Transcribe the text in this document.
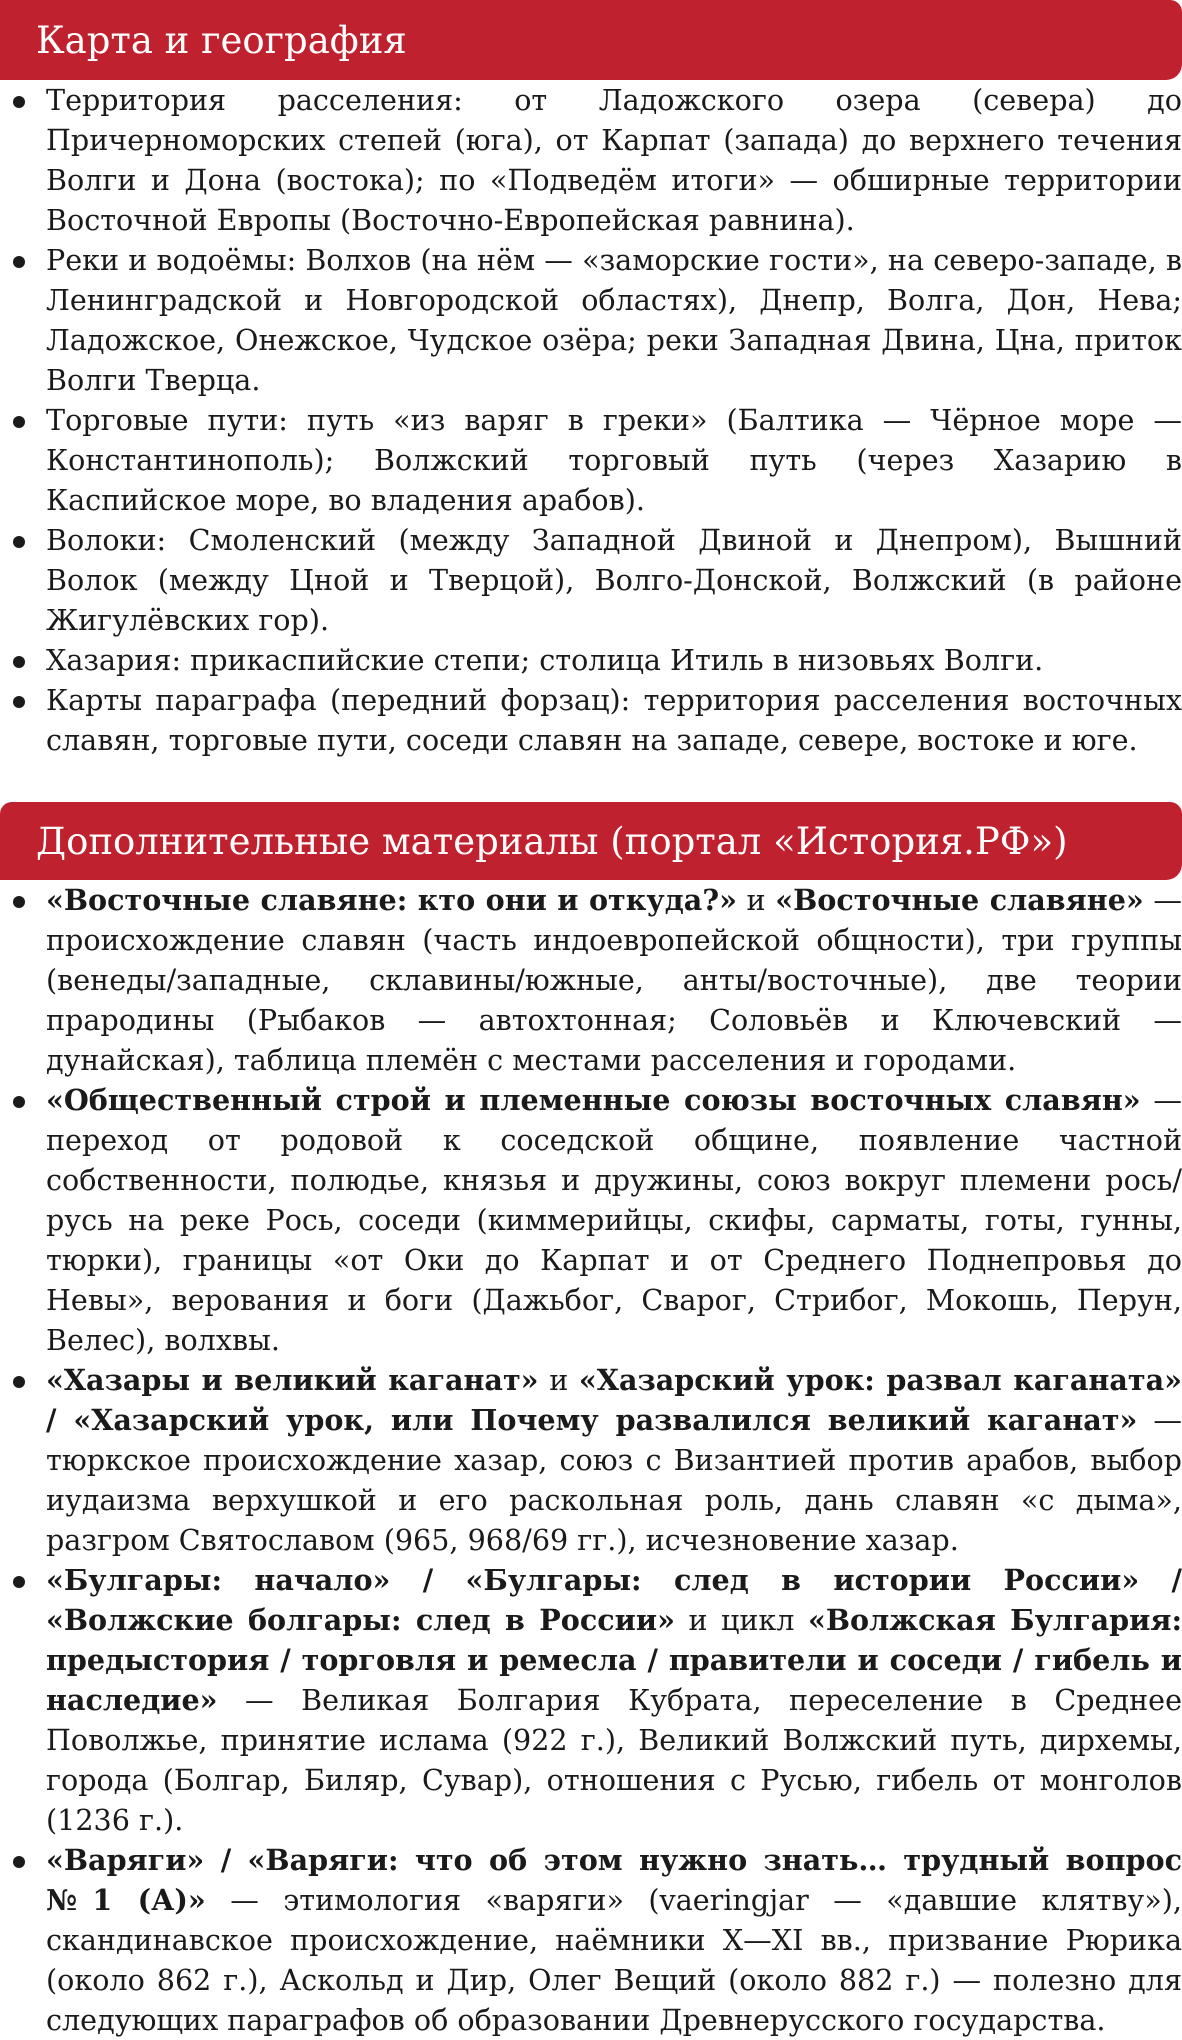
Карта и география
Территория расселения: от Ладожского озера (севера) до Причерноморских степей (юга), от Карпат (запада) до верхнего течения Волги и Дона (востока); по «Подведём итоги» — обширные территории Восточной Европы (Восточно-Европейская равнина).
Реки и водоёмы: Волхов (на нём — «заморские гости», на северо-западе, в Ленинградской и Новгородской областях), Днепр, Волга, Дон, Нева; Ладожское, Онежское, Чудское озёра; реки Западная Двина, Цна, приток Волги Тверца.
Торговые пути: путь «из варяг в греки» (Балтика — Чёрное море — Константинополь); Волжский торговый путь (через Хазарию в Каспийское море, во владения арабов).
Волоки: Смоленский (между Западной Двиной и Днепром), Вышний Волок (между Цной и Тверцой), Волго-Донской, Волжский (в районе Жигулёвских гор).
Хазария: прикаспийские степи; столица Итиль в низовьях Волги.
Карты параграфа (передний форзац): территория расселения восточных славян, торговые пути, соседи славян на западе, севере, востоке и юге.
Дополнительные материалы (портал «История.РФ»)
«Восточные славяне: кто они и откуда?» и «Восточные славяне» — происхождение славян (часть индоевропейской общности), три группы (венеды/западные, склавины/южные, анты/восточные), две теории прародины (Рыбаков — автохтонная; Соловьёв и Ключевский — дунайская), таблица племён с местами расселения и городами.
«Общественный строй и племенные союзы восточных славян» — переход от родовой к соседской общине, появление частной собственности, полюдье, князья и дружины, союз вокруг племени рось/русь на реке Рось, соседи (киммерийцы, скифы, сарматы, готы, гунны, тюрки), границы «от Оки до Карпат и от Среднего Поднепровья до Невы», верования и боги (Дажьбог, Сварог, Стрибог, Мокошь, Перун, Велес), волхвы.
«Хазары и великий каганат» и «Хазарский урок: развал каганата» / «Хазарский урок, или Почему развалился великий каганат» — тюркское происхождение хазар, союз с Византией против арабов, выбор иудаизма верхушкой и его раскольная роль, дань славян «с дыма», разгром Святославом (965, 968/69 гг.), исчезновение хазар.
«Булгары: начало» / «Булгары: след в истории России» / «Волжские болгары: след в России» и цикл «Волжская Булгария: предыстория / торговля и ремесла / правители и соседи / гибель и наследие» — Великая Болгария Кубрата, переселение в Среднее Поволжье, принятие ислама (922 г.), Великий Волжский путь, дирхемы, города (Болгар, Биляр, Сувар), отношения с Русью, гибель от монголов (1236 г.).
«Варяги» / «Варяги: что об этом нужно знать… трудный вопрос №1 (А)» — этимология «варяги» (vaeringjar — «давшие клятву»), скандинавское происхождение, наёмники X—XI вв., призвание Рюрика (около 862 г.), Аскольд и Дир, Олег Вещий (около 882 г.) — полезно для следующих параграфов об образовании Древнерусского государства.
